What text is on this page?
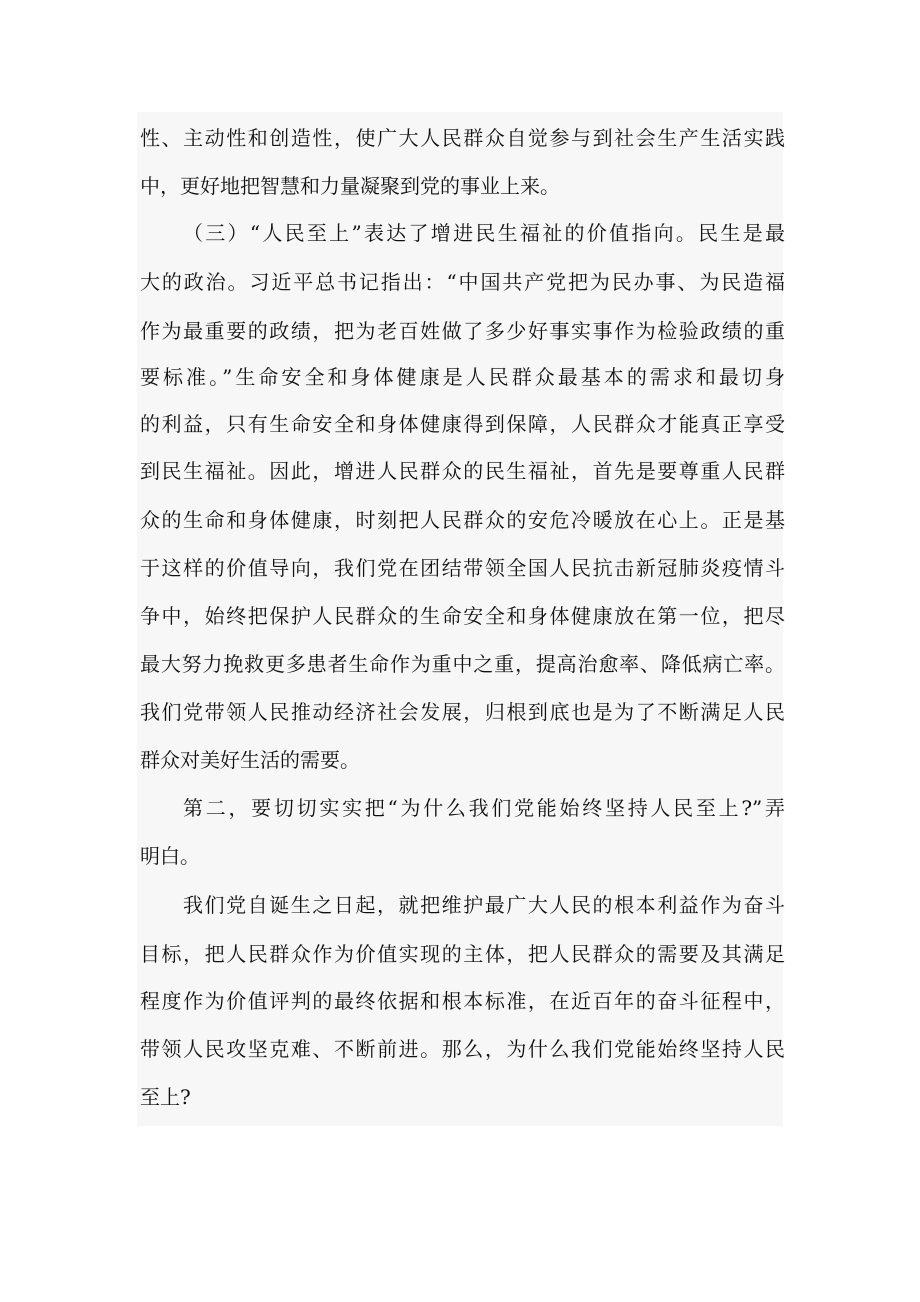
性、主动性和创造性，使广大人民群众自觉参与到社会生产生活实践
中，更好地把智慧和力量凝聚到党的事业上来。
（三）“人民至上”表达了增进民生福祉的价值指向。民生是最
大的政治。习近平总书记指出：“中国共产党把为民办事、为民造福
作为最重要的政绩，把为老百姓做了多少好事实事作为检验政绩的重
要标准。”生命安全和身体健康是人民群众最基本的需求和最切身
的利益，只有生命安全和身体健康得到保障，人民群众才能真正享受
到民生福祉。因此，增进人民群众的民生福祉，首先是要尊重人民群
众的生命和身体健康，时刻把人民群众的安危冷暖放在心上。正是基
于这样的价值导向，我们党在团结带领全国人民抗击新冠肺炎疫情斗
争中，始终把保护人民群众的生命安全和身体健康放在第一位，把尽
最大努力挽救更多患者生命作为重中之重，提高治愈率、降低病亡率。
我们党带领人民推动经济社会发展，归根到底也是为了不断满足人民
群众对美好生活的需要。
第二，要切切实实把“为什么我们党能始终坚持人民至上?”弄
明白。
我们党自诞生之日起，就把维护最广大人民的根本利益作为奋斗
目标，把人民群众作为价值实现的主体，把人民群众的需要及其满足
程度作为价值评判的最终依据和根本标准，在近百年的奋斗征程中，
带领人民攻坚克难、不断前进。那么，为什么我们党能始终坚持人民
至上?
